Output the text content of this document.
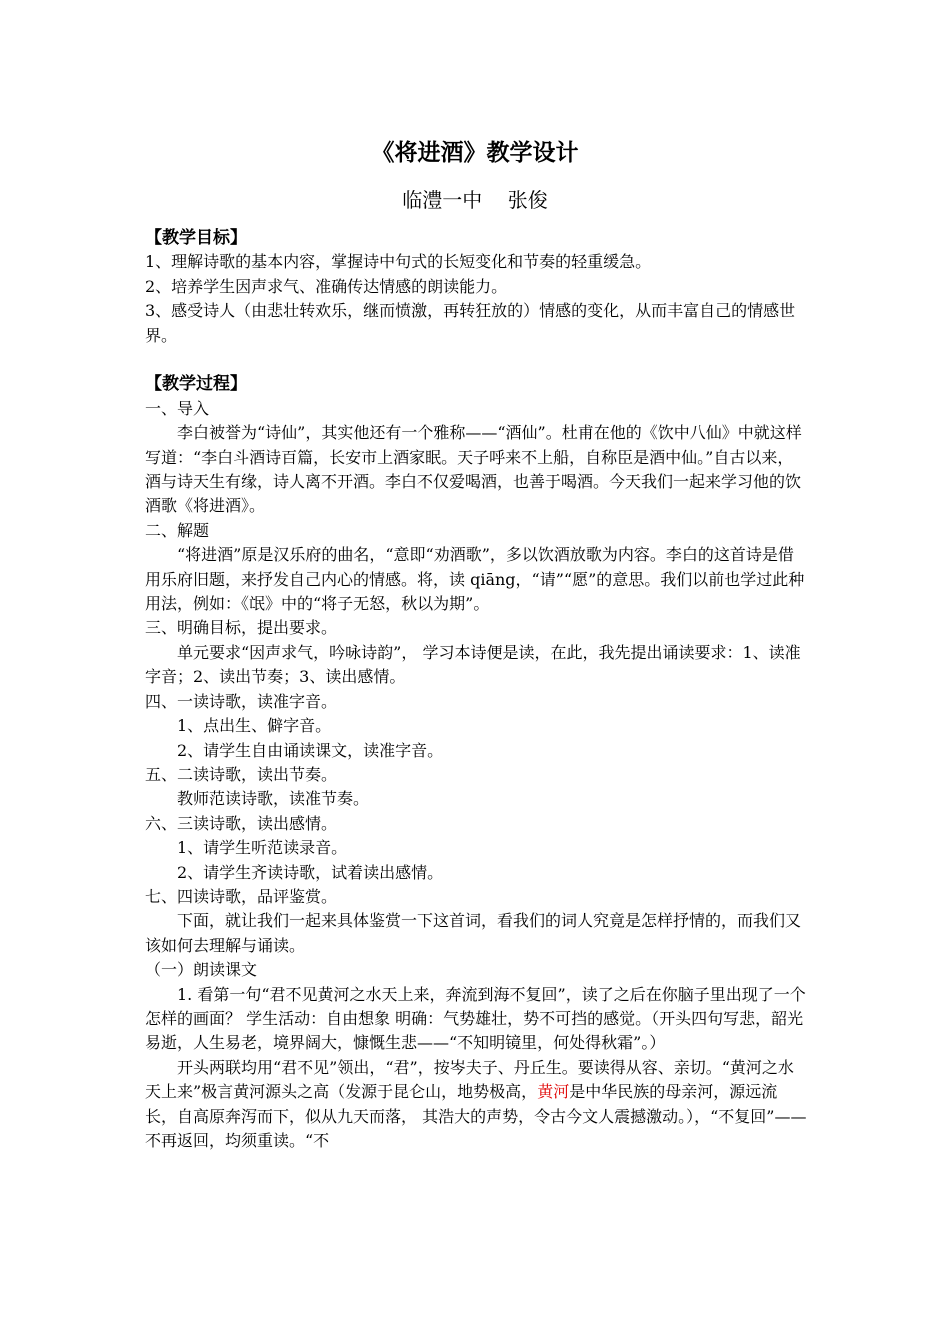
《将进酒》教学设计
临澧一中    张俊

【教学目标】

1、理解诗歌的基本内容，掌握诗中句式的长短变化和节奏的轻重缓急。

2、培养学生因声求气、准确传达情感的朗读能力。

3、感受诗人（由悲壮转欢乐，继而愤激，再转狂放的）情感的变化，从而丰富自己的情感世界。

【教学过程】

一、导入

李白被誉为“诗仙”，其实他还有一个雅称——“酒仙”。杜甫在他的《饮中八仙》中就这样写道：“李白斗酒诗百篇，长安市上酒家眠。天子呼来不上船，自称臣是酒中仙。”自古以来，酒与诗天生有缘，诗人离不开酒。李白不仅爱喝酒，也善于喝酒。今天我们一起来学习他的饮酒歌《将进酒》。

二、解题

“将进酒”原是汉乐府的曲名，“意即“劝酒歌”，多以饮酒放歌为内容。李白的这首诗是借用乐府旧题，来抒发自己内心的情感。将，读 qiāng，“请”“愿”的意思。我们以前也学过此种用法，例如：《氓》中的“将子无怒，秋以为期”。

三、明确目标，提出要求。

单元要求“因声求气，吟咏诗韵”， 学习本诗便是读，在此，我先提出诵读要求：1、读准字音；2、读出节奏；3、读出感情。

四、一读诗歌，读准字音。

1、点出生、僻字音。

2、请学生自由诵读课文，读准字音。

五、二读诗歌，读出节奏。

教师范读诗歌，读准节奏。

六、三读诗歌，读出感情。

1、请学生听范读录音。

2、请学生齐读诗歌，试着读出感情。

七、四读诗歌，品评鉴赏。

下面，就让我们一起来具体鉴赏一下这首词，看我们的词人究竟是怎样抒情的，而我们又该如何去理解与诵读。

（一）朗读课文

1. 看第一句“君不见黄河之水天上来，奔流到海不复回”，读了之后在你脑子里出现了一个怎样的画面？ 学生活动：自由想象 明确：气势雄壮，势不可挡的感觉。（开头四句写悲，韶光易逝，人生易老，境界阔大，慷慨生悲——“不知明镜里，何处得秋霜”。）

开头两联均用“君不见”领出，“君”，按岑夫子、丹丘生。要读得从容、亲切。“黄河之水天上来”极言黄河源头之高（发源于昆仑山，地势极高，黄河是中华民族的母亲河，源远流长，自高原奔泻而下，似从九天而落， 其浩大的声势，令古今文人震撼激动。），“不复回”——不再返回，均须重读。“不
